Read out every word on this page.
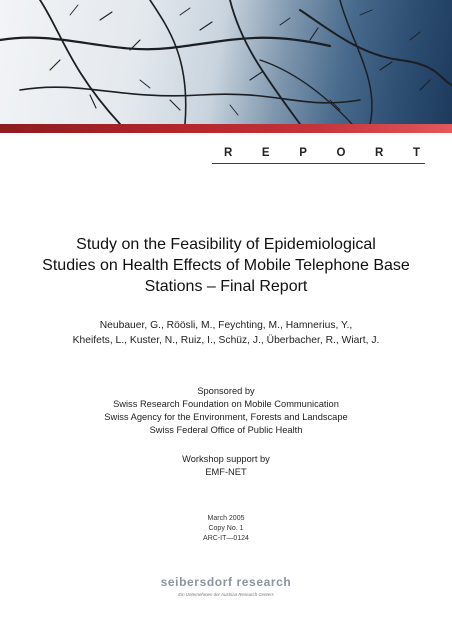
R	E	P	O	R	T
Study on the Feasibility of Epidemiological
Studies on Health Effects of Mobile Telephone Base
Stations – Final Report
Neubauer, G., Röösli, M., Feychting, M., Hamnerius, Y.,
Kheifets, L., Kuster, N., Ruiz, I., Schüz, J., Überbacher, R., Wiart, J.
Sponsored by
Swiss Research Foundation on Mobile Communication
Swiss Agency for the Environment, Forests and Landscape
Swiss Federal Office of Public Health
Workshop support by
EMF-NET
March 2005
Copy No. 1
ARC-IT—0124
seibersdorf research
Ein Unternehmen der Austrian Research Centers
